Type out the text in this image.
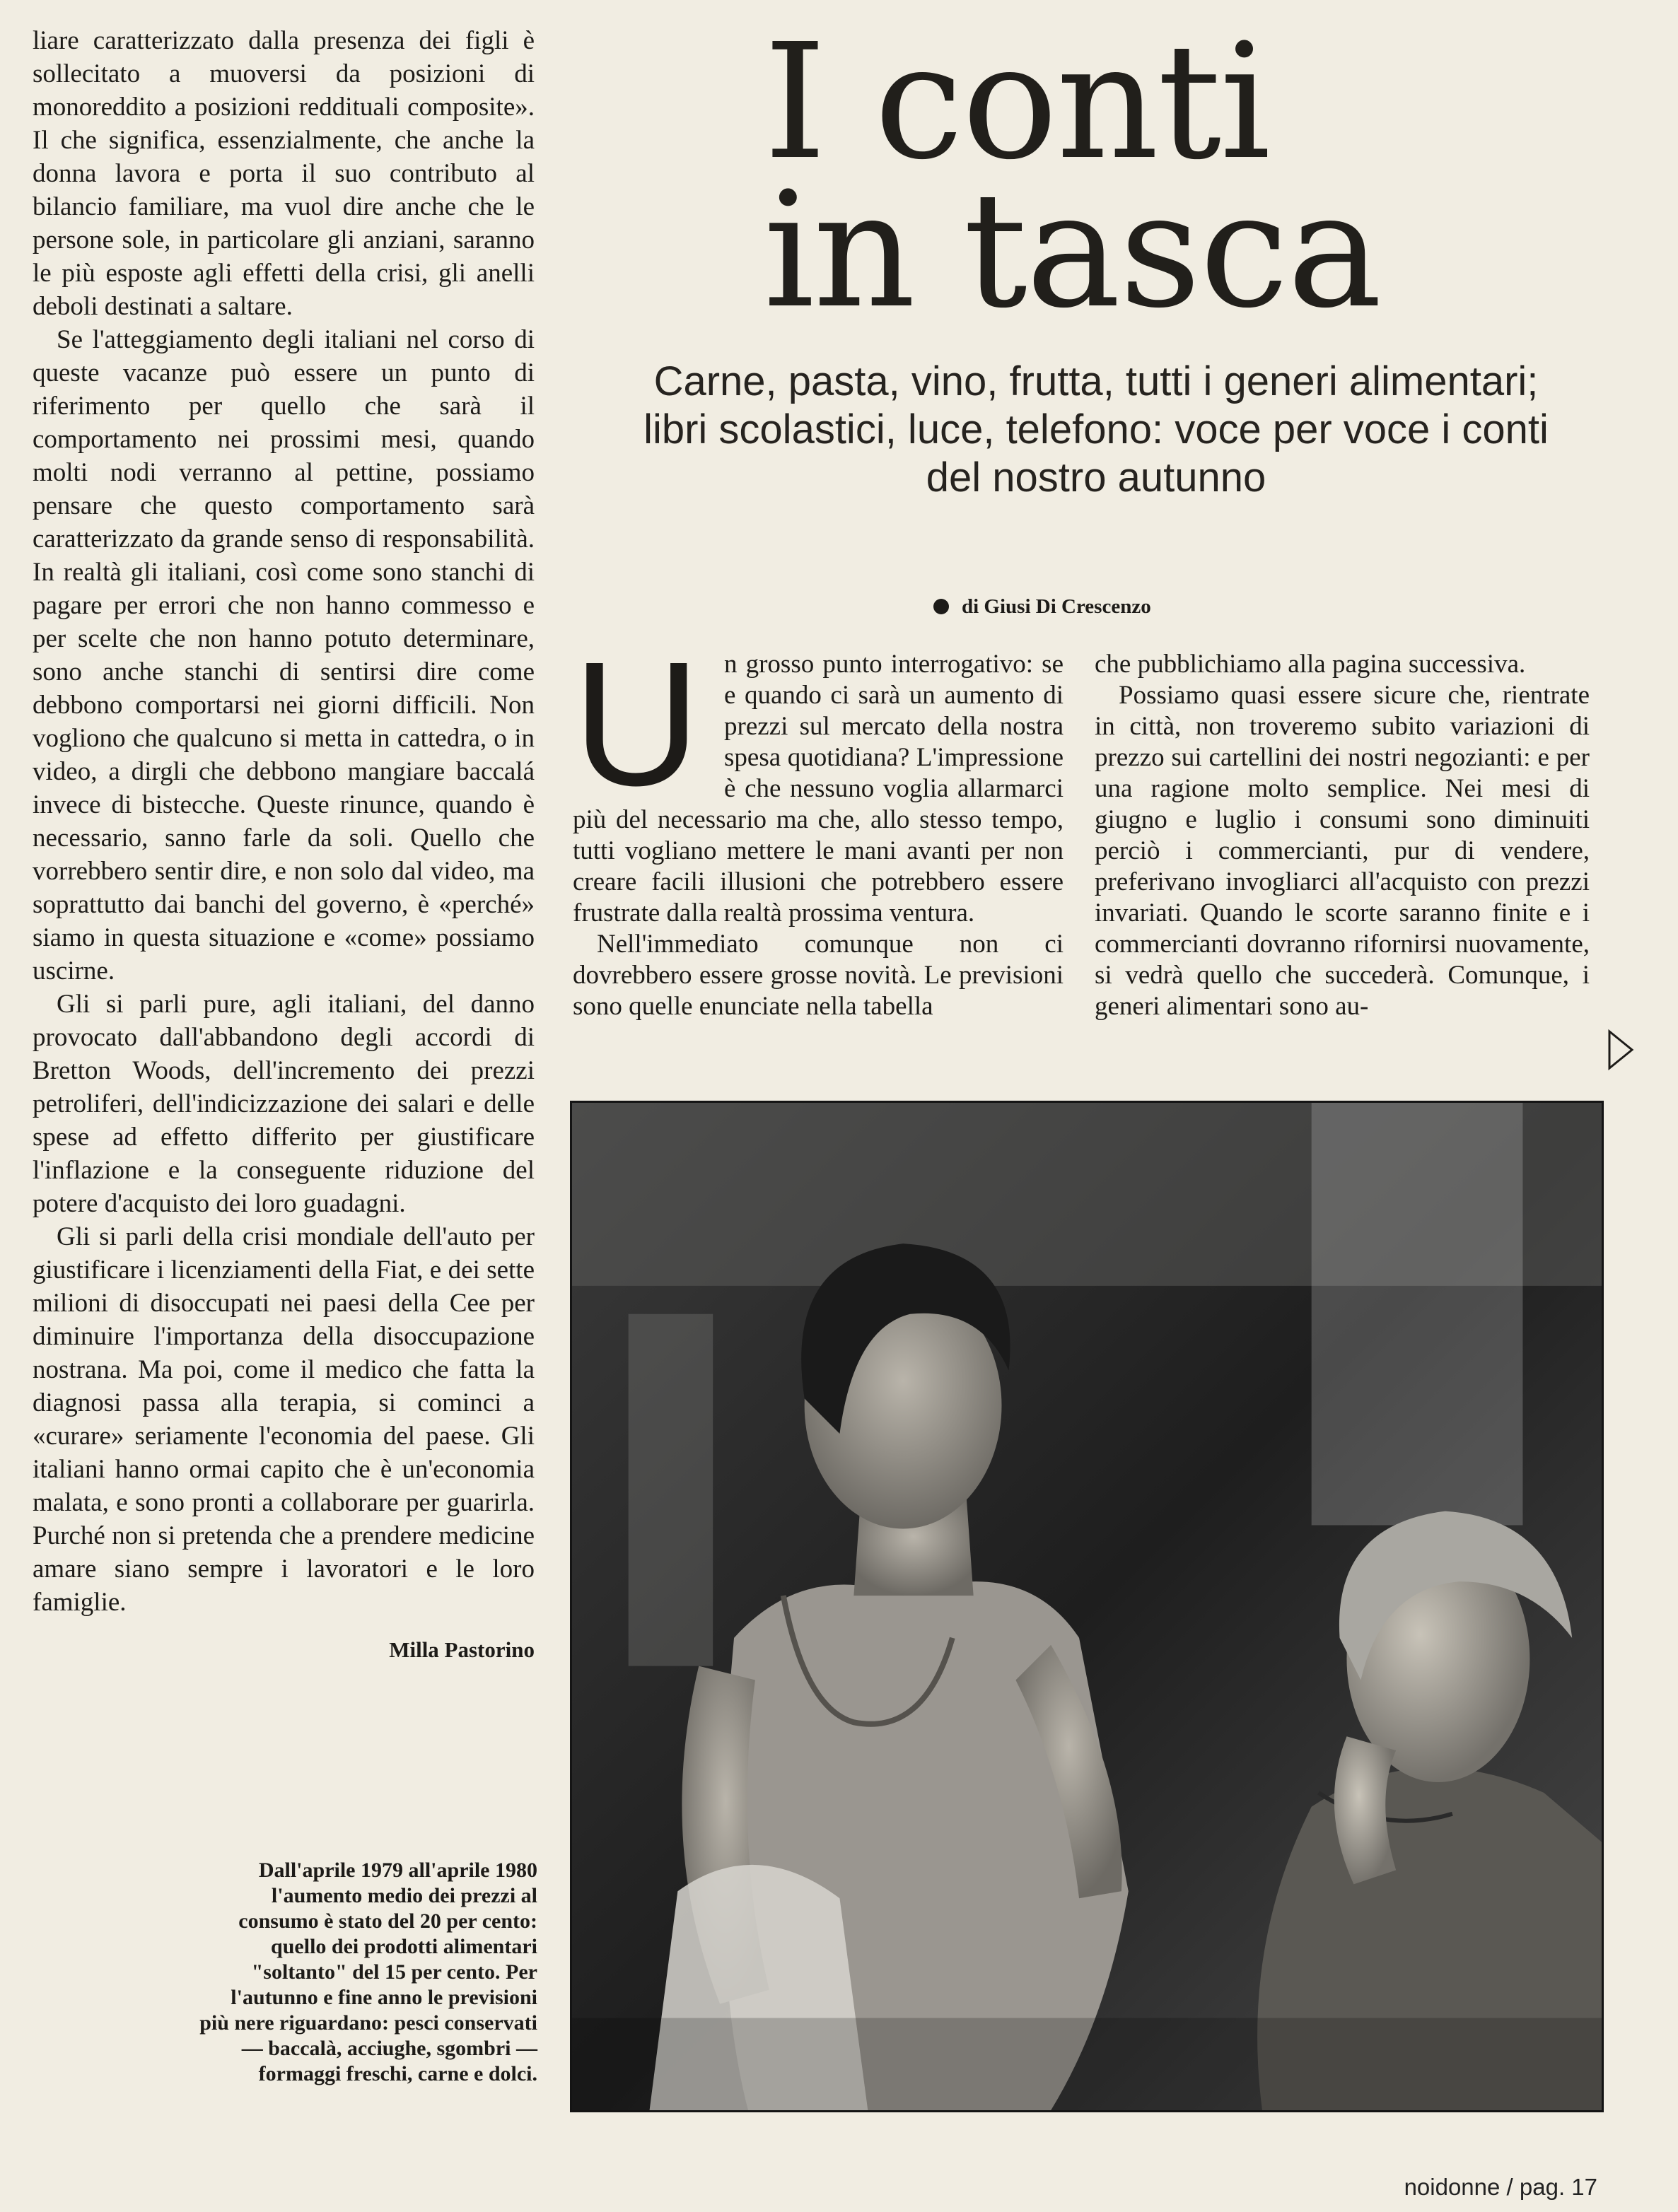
liare caratterizzato dalla presenza dei figli è sollecitato a muoversi da posizioni di monoreddito a posizioni reddituali composite». Il che significa, essenzialmente, che anche la donna lavora e porta il suo contributo al bilancio familiare, ma vuol dire anche che le persone sole, in particolare gli anziani, saranno le più esposte agli effetti della crisi, gli anelli deboli destinati a saltare.

Se l'atteggiamento degli italiani nel corso di queste vacanze può essere un punto di riferimento per quello che sarà il comportamento nei prossimi mesi, quando molti nodi verranno al pettine, possiamo pensare che questo comportamento sarà caratterizzato da grande senso di responsabilità. In realtà gli italiani, così come sono stanchi di pagare per errori che non hanno commesso e per scelte che non hanno potuto determinare, sono anche stanchi di sentirsi dire come debbono comportarsi nei giorni difficili. Non vogliono che qualcuno si metta in cattedra, o in video, a dirgli che debbono mangiare baccalá invece di bistecche. Queste rinunce, quando è necessario, sanno farle da soli. Quello che vorrebbero sentir dire, e non solo dal video, ma soprattutto dai banchi del governo, è «perché» siamo in questa situazione e «come» possiamo uscirne.

Gli si parli pure, agli italiani, del danno provocato dall'abbandono degli accordi di Bretton Woods, dell'incremento dei prezzi petroliferi, dell'indicizzazione dei salari e delle spese ad effetto differito per giustificare l'inflazione e la conseguente riduzione del potere d'acquisto dei loro guadagni.

Gli si parli della crisi mondiale dell'auto per giustificare i licenziamenti della Fiat, e dei sette milioni di disoccupati nei paesi della Cee per diminuire l'importanza della disoccupazione nostrana. Ma poi, come il medico che fatta la diagnosi passa alla terapia, si cominci a «curare» seriamente l'economia del paese. Gli italiani hanno ormai capito che è un'economia malata, e sono pronti a collaborare per guarirla. Purché non si pretenda che a prendere medicine amare siano sempre i lavoratori e le loro famiglie.

Milla Pastorino
I conti
in tasca
Carne, pasta, vino, frutta, tutti i generi alimentari; libri scolastici, luce, telefono: voce per voce i conti del nostro autunno
di Giusi Di Crescenzo
U n grosso punto interrogativo: se e quando ci sarà un aumento di prezzi sul mercato della nostra spesa quotidiana? L'impressione è che nessuno voglia allarmarci più del necessario ma che, allo stesso tempo, tutti vogliano mettere le mani avanti per non creare facili illusioni che potrebbero essere frustrate dalla realtà prossima ventura.

Nell'immediato comunque non ci dovrebbero essere grosse novità. Le previsioni sono quelle enunciate nella tabella

che pubblichiamo alla pagina successiva.

Possiamo quasi essere sicure che, rientrate in città, non troveremo subito variazioni di prezzo sui cartellini dei nostri negozianti: e per una ragione molto semplice. Nei mesi di giugno e luglio i consumi sono diminuiti perciò i commercianti, pur di vendere, preferivano invogliarci all'acquisto con prezzi invariati. Quando le scorte saranno finite e i commercianti dovranno rifornirsi nuovamente, si vedrà quello che succederà. Comunque, i generi alimentari sono au-

Dall'aprile 1979 all'aprile 1980 l'aumento medio dei prezzi al consumo è stato del 20 per cento: quello dei prodotti alimentari "soltanto" del 15 per cento. Per l'autunno e fine anno le previsioni più nere riguardano: pesci conservati — baccalà, acciughe, sgombri — formaggi freschi, carne e dolci.
noidonne / pag. 17
